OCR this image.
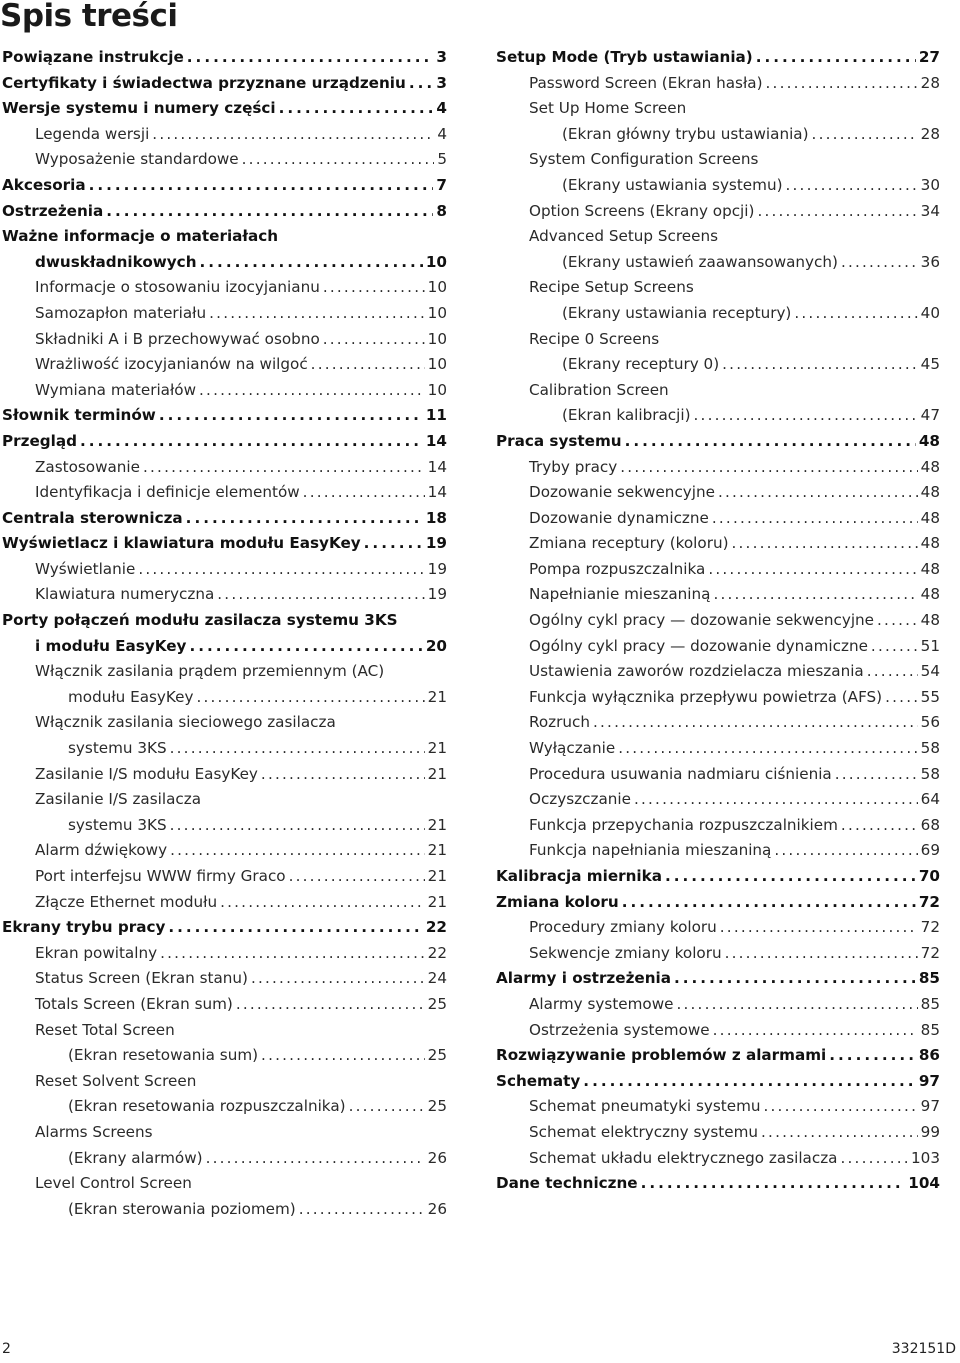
Spis treści
Powiązane instrukcje .....	3
Certyfikaty i świadectwa przyznane urządzeniu ..... 3
Wersje systemu i numery części .....	4
Legenda wersji .....	4
Wyposażenie standardowe .....	5
Akcesoria .....	7
Ostrzeżenia .....	8
Ważne informacje o materiałach
dwuskładnikowych .....	10
Informacje o stosowaniu izocyjanianu .....	10
Samozapłon materiału .....	10
Składniki A i B przechowywać osobno .....	10
Wrażliwość izocyjanianów na wilgoć .....	10
Wymiana materiałów .....	10
Słownik terminów .....	11
Przegląd .....	14
Zastosowanie .....	14
Identyfikacja i definicje elementów .....	14
Centrala sterownicza .....	18
Wyświetlacz i klawiatura modułu EasyKey .....	19
Wyświetlanie .....	19
Klawiatura numeryczna .....	19
Porty połączeń modułu zasilacza systemu 3KS
i modułu EasyKey .....	20
Włącznik zasilania prądem przemiennym (AC)
modułu EasyKey .....	21
Włącznik zasilania sieciowego zasilacza
systemu 3KS .....	21
Zasilanie I/S modułu EasyKey .....	21
Zasilanie I/S zasilacza
systemu 3KS .....	21
Alarm dźwiękowy .....	21
Port interfejsu WWW firmy Graco .....	21
Złącze Ethernet modułu .....	21
Ekrany trybu pracy .....	22
Ekran powitalny .....	22
Status Screen (Ekran stanu) .....	24
Totals Screen (Ekran sum) .....	25
Reset Total Screen
(Ekran resetowania sum) .....	25
Reset Solvent Screen
(Ekran resetowania rozpuszczalnika) .....	25
Alarms Screens
(Ekrany alarmów) .....	26
Level Control Screen
(Ekran sterowania poziomem) .....	26
Setup Mode (Tryb ustawiania) .....	27
Password Screen (Ekran hasła) .....	28
Set Up Home Screen
(Ekran główny trybu ustawiania) .....	28
System Configuration Screens
(Ekrany ustawiania systemu) .....	30
Option Screens (Ekrany opcji) .....	34
Advanced Setup Screens
(Ekrany ustawień zaawansowanych) .....	36
Recipe Setup Screens
(Ekrany ustawiania receptury) .....	40
Recipe 0 Screens
(Ekrany receptury 0) .....	45
Calibration Screen
(Ekran kalibracji) .....	47
Praca systemu .....	48
Tryby pracy .....	48
Dozowanie sekwencyjne .....	48
Dozowanie dynamiczne .....	48
Zmiana receptury (koloru) .....	48
Pompa rozpuszczalnika .....	48
Napełnianie mieszaniną .....	48
Ogólny cykl pracy — dozowanie sekwencyjne .....	48
Ogólny cykl pracy — dozowanie dynamiczne .....	51
Ustawienia zaworów rozdzielacza mieszania .....	54
Funkcja wyłącznika przepływu powietrza (AFS) .....	55
Rozruch .....	56
Wyłączanie .....	58
Procedura usuwania nadmiaru ciśnienia .....	58
Oczyszczanie .....	64
Funkcja przepychania rozpuszczalnikiem .....	68
Funkcja napełniania mieszaniną .....	69
Kalibracja miernika .....	70
Zmiana koloru .....	72
Procedury zmiany koloru .....	72
Sekwencje zmiany koloru .....	72
Alarmy i ostrzeżenia .....	85
Alarmy systemowe .....	85
Ostrzeżenia systemowe .....	85
Rozwiązywanie problemów z alarmami .....	86
Schematy .....	97
Schemat pneumatyki systemu .....	97
Schemat elektryczny systemu .....	99
Schemat układu elektrycznego zasilacza .....	103
Dane techniczne .....	104
2	332151D
